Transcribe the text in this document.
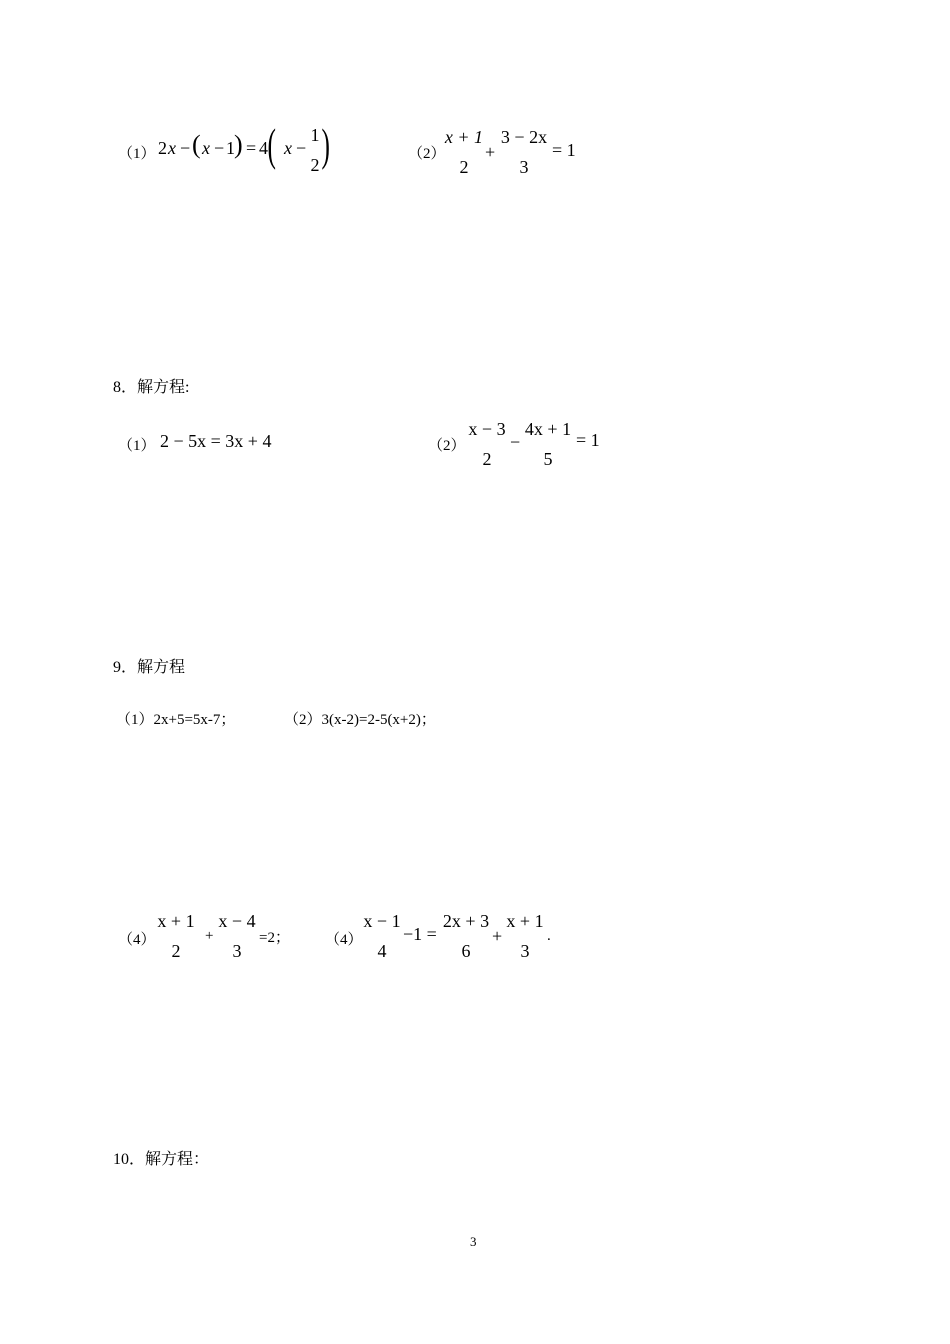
（1） 2 x − ( x − 1 ) = 4 ( x −
1
2 )	（2）
x + 1
2
+
3 − 2x
3
= 1
8．解方程:
（1） 2 − 5x = 3x + 4	（2）
x − 3
2
−
4x + 1
5
= 1
9．解方程
（1）2x+5=5x-7；	（2）3(x-2)=2-5(x+2)；
（4）
x + 1
2
+
x − 4
3
=2； （4）
x − 1
4
−1 =
2x + 3
6
+
x + 1
3
.
10．解方程：
3
